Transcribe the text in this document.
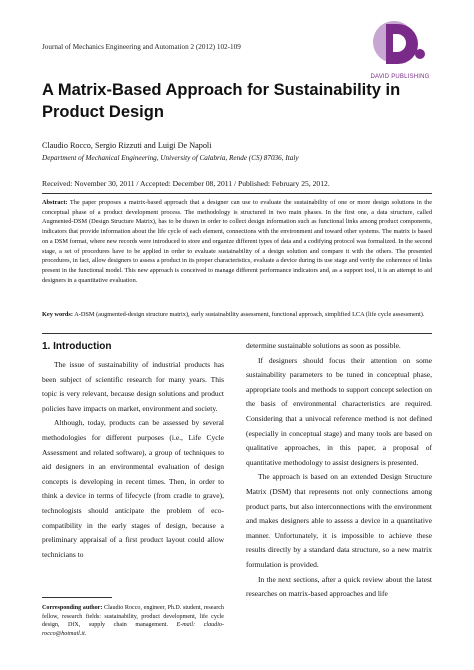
Journal of Mechanics Engineering and Automation 2 (2012) 102-109
DAVID PUBLISHING
A Matrix-Based Approach for Sustainability in Product Design
Claudio Rocco, Sergio Rizzuti and Luigi De Napoli
Department of Mechanical Engineering, University of Calabria, Rende (CS) 87036, Italy
Received: November 30, 2011 / Accepted: December 08, 2011 / Published: February 25, 2012.
Abstract: The paper proposes a matrix-based approach that a designer can use to evaluate the sustainability of one or more design solutions in the conceptual phase of a product development process. The methodology is structured in two main phases. In the first one, a data structure, called Augmented-DSM (Design Structure Matrix), has to be drawn in order to collect design information such as functional links among product components, indicators that provide information about the life cycle of each element, connections with the environment and toward other systems. The matrix is based on a DSM format, where new records were introduced to store and organize different types of data and a codifying protocol was formalized. In the second stage, a set of procedures have to be applied in order to evaluate sustainability of a design solution and compare it with the others. The presented procedures, in fact, allow designers to assess a product in its proper characteristics, evaluate a device during its use stage and verify the coherence of links present in the functional model. This new approach is conceived to manage different performance indicators and, as a support tool, it is an attempt to aid designers in a quantitative evaluation.
Key words: A-DSM (augmented-design structure matrix), early sustainability assessment, functional approach, simplified LCA (life cycle assessment).
1. Introduction

The issue of sustainability of industrial products has been subject of scientific research for many years. This topic is very relevant, because design solutions and product policies have impacts on market, environment and society.

Although, today, products can be assessed by several methodologies for different purposes (i.e., Life Cycle Assessment and related software), a group of techniques to aid designers in an environmental evaluation of design concepts is developing in recent times. Then, in order to think a device in terms of lifecycle (from cradle to grave), technologists should anticipate the problem of eco-compatibility in the early stages of design, because a preliminary appraisal of a first product layout could allow technicians to

determine sustainable solutions as soon as possible.

If designers should focus their attention on some sustainability parameters to be tuned in conceptual phase, appropriate tools and methods to support concept selection on the basis of environmental characteristics are required. Considering that a univocal reference method is not defined (especially in conceptual stage) and many tools are based on qualitative approaches, in this paper, a proposal of quantitative methodology to assist designers is presented.

The approach is based on an extended Design Structure Matrix (DSM) that represents not only connections among product parts, but also interconnections with the environment and makes designers able to assess a device in a quantitative manner. Unfortunately, it is impossible to achieve these results directly by a standard data structure, so a new matrix formulation is provided.

In the next sections, after a quick review about the latest researches on matrix-based approaches and life

Corresponding author: Claudio Rocco, engineer, Ph.D. student, research fellow, research fields: sustainability, product development, life cycle design, DfX, supply chain management. E-mail: claudio-rocco@hotmail.it.
